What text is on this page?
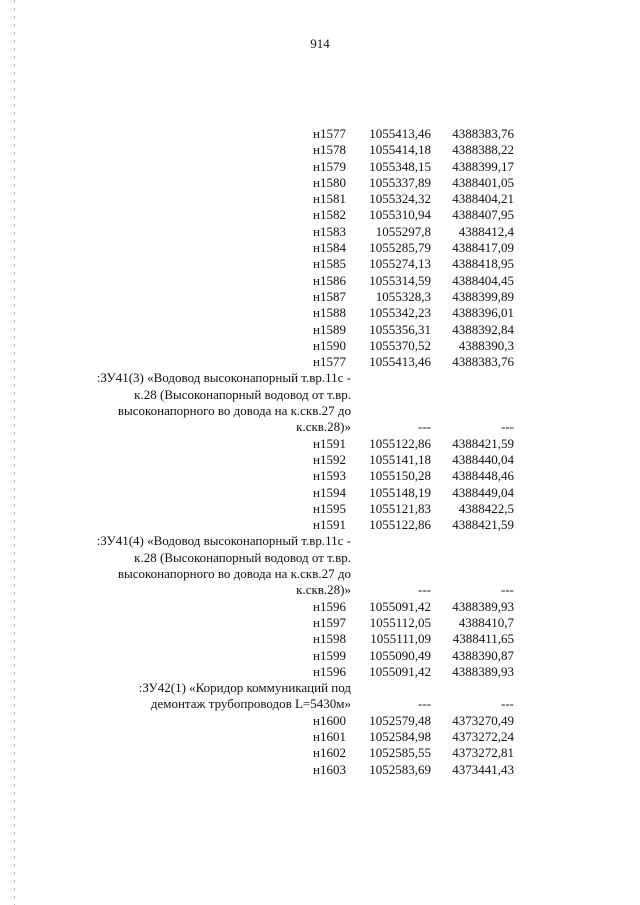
914
н1577 1055413,46 4388383,76
н1578 1055414,18 4388388,22
н1579 1055348,15 4388399,17
н1580 1055337,89 4388401,05
н1581 1055324,32 4388404,21
н1582 1055310,94 4388407,95
н1583 1055297,8 4388412,4
н1584 1055285,79 4388417,09
н1585 1055274,13 4388418,95
н1586 1055314,59 4388404,45
н1587 1055328,3 4388399,89
н1588 1055342,23 4388396,01
н1589 1055356,31 4388392,84
н1590 1055370,52 4388390,3
н1577 1055413,46 4388383,76
:ЗУ41(3) «Водовод высоконапорный т.вр.11с -
к.28 (Высоконапорный водовод от т.вр.
высоконапорного во довода на к.скв.27 до
к.скв.28)»	---	---
н1591 1055122,86 4388421,59
н1592 1055141,18 4388440,04
н1593 1055150,28 4388448,46
н1594 1055148,19 4388449,04
н1595 1055121,83 4388422,5
н1591 1055122,86 4388421,59
:ЗУ41(4) «Водовод высоконапорный т.вр.11с -
к.28 (Высоконапорный водовод от т.вр.
высоконапорного во довода на к.скв.27 до
к.скв.28)»	---	---
н1596 1055091,42 4388389,93
н1597 1055112,05 4388410,7
н1598 1055111,09 4388411,65
н1599 1055090,49 4388390,87
н1596 1055091,42 4388389,93
:ЗУ42(1) «Коридор коммуникаций под
демонтаж трубопроводов L=5430м»	---	---
н1600 1052579,48 4373270,49
н1601 1052584,98 4373272,24
н1602 1052585,55 4373272,81
н1603 1052583,69 4373441,43
